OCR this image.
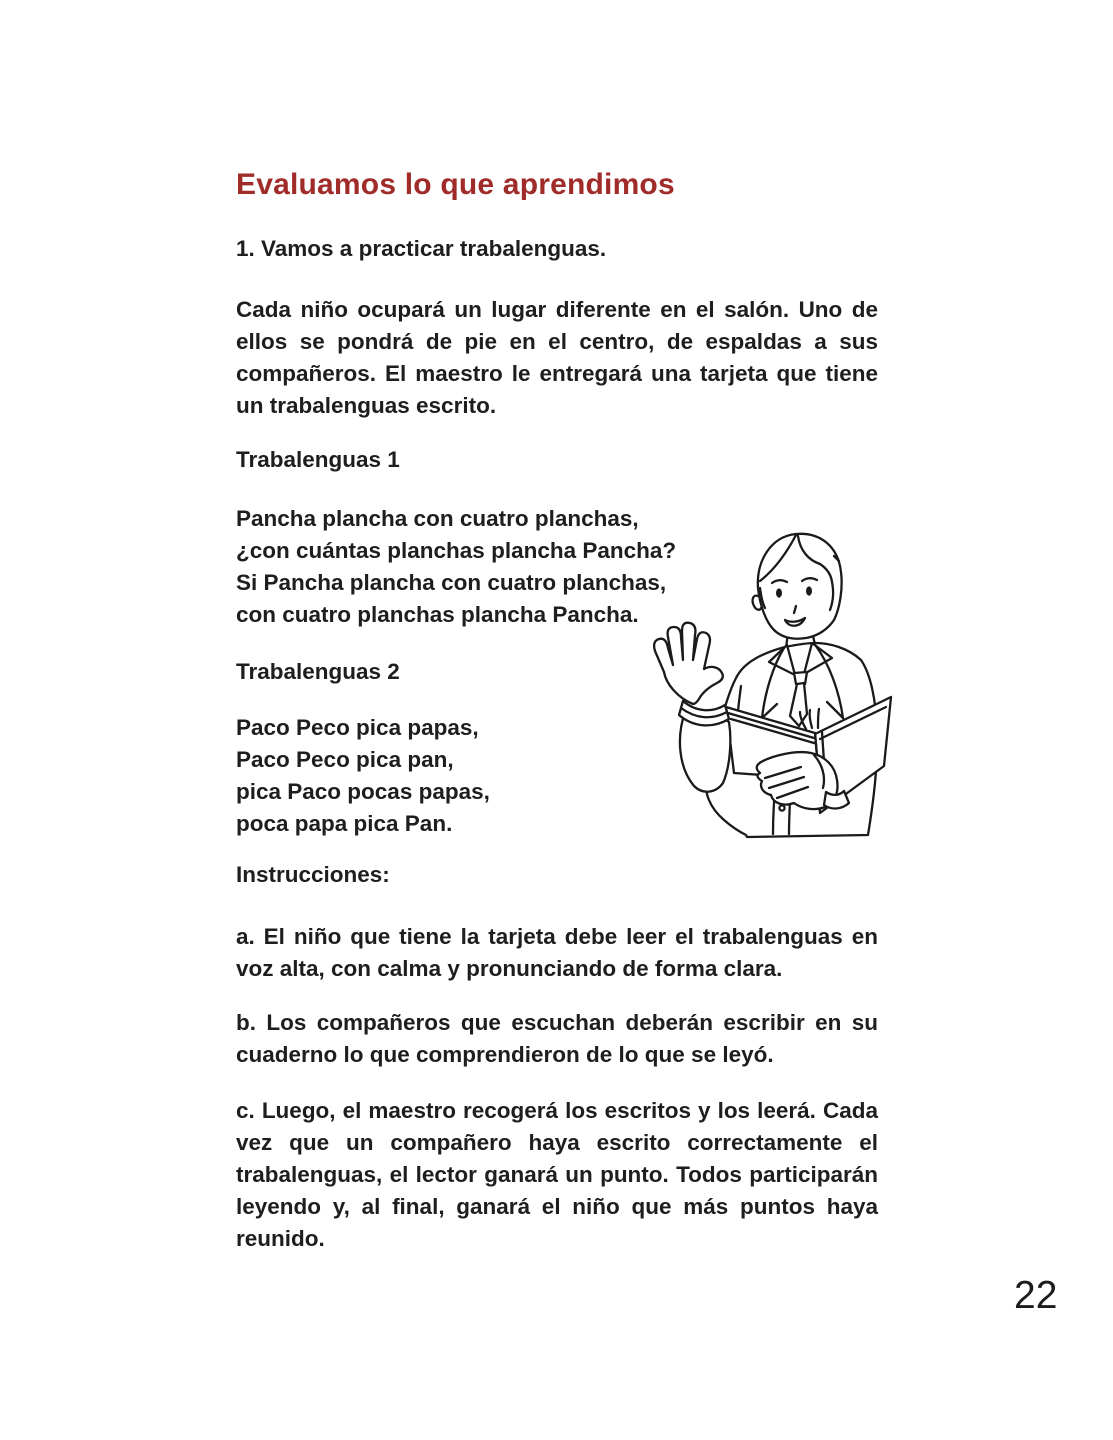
Evaluamos lo que aprendimos
1. Vamos a practicar trabalenguas.
Cada niño ocupará un lugar diferente en el salón. Uno de ellos se pondrá de pie en el centro, de espaldas a sus compañeros. El maestro le entregará una tarjeta que tiene un trabalenguas escrito.
Trabalenguas 1
Pancha plancha con cuatro planchas,
¿con cuántas planchas plancha Pancha?
Si Pancha plancha con cuatro planchas,
con cuatro planchas plancha Pancha.
Trabalenguas 2
Paco Peco pica papas,
Paco Peco pica pan,
pica Paco pocas papas,
poca papa pica Pan.
Instrucciones:
a. El niño que tiene la tarjeta debe leer el trabalenguas en voz alta, con calma y pronunciando de forma clara.
b. Los compañeros que escuchan deberán escribir en su cuaderno lo que comprendieron de lo que se leyó.
c. Luego, el maestro recogerá los escritos y los leerá. Cada vez que un compañero haya escrito correctamente el trabalenguas, el lector ganará un punto. Todos participarán leyendo y, al final, ganará el niño que más puntos haya reunido.
22
